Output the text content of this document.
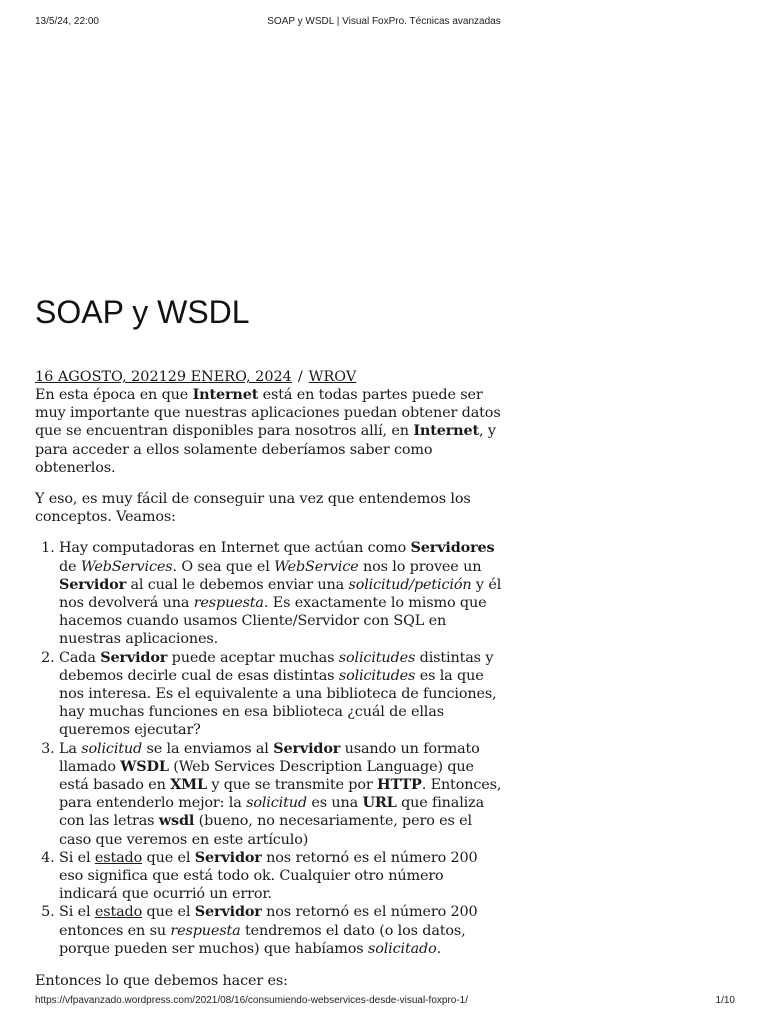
13/5/24, 22:00	SOAP y WSDL | Visual FoxPro. Técnicas avanzadas
SOAP y WSDL
16 AGOSTO, 202129 ENERO, 2024 / WROV

En esta época en que Internet está en todas partes puede ser muy importante que nuestras aplicaciones puedan obtener datos que se encuentran disponibles para nosotros allí, en Internet, y para acceder a ellos solamente deberíamos saber como obtenerlos.

Y eso, es muy fácil de conseguir una vez que entendemos los conceptos. Veamos:

1. Hay computadoras en Internet que actúan como Servidores de WebServices. O sea que el WebService nos lo provee un Servidor al cual le debemos enviar una solicitud/petición y él nos devolverá una respuesta. Es exactamente lo mismo que hacemos cuando usamos Cliente/Servidor con SQL en nuestras aplicaciones.
2. Cada Servidor puede aceptar muchas solicitudes distintas y debemos decirle cual de esas distintas solicitudes es la que nos interesa. Es el equivalente a una biblioteca de funciones, hay muchas funciones en esa biblioteca ¿cuál de ellas queremos ejecutar?
3. La solicitud se la enviamos al Servidor usando un formato llamado WSDL (Web Services Description Language) que está basado en XML y que se transmite por HTTP. Entonces, para entenderlo mejor: la solicitud es una URL que finaliza con las letras wsdl (bueno, no necesariamente, pero es el caso que veremos en este artículo)
4. Si el estado que el Servidor nos retornó es el número 200 eso significa que está todo ok. Cualquier otro número indicará que ocurrió un error.
5. Si el estado que el Servidor nos retornó es el número 200 entonces en su respuesta tendremos el dato (o los datos, porque pueden ser muchos) que habíamos solicitado.

Entonces lo que debemos hacer es:

https://vfpavanzado.wordpress.com/2021/08/16/consumiendo-webservices-desde-visual-foxpro-1/	1/10
